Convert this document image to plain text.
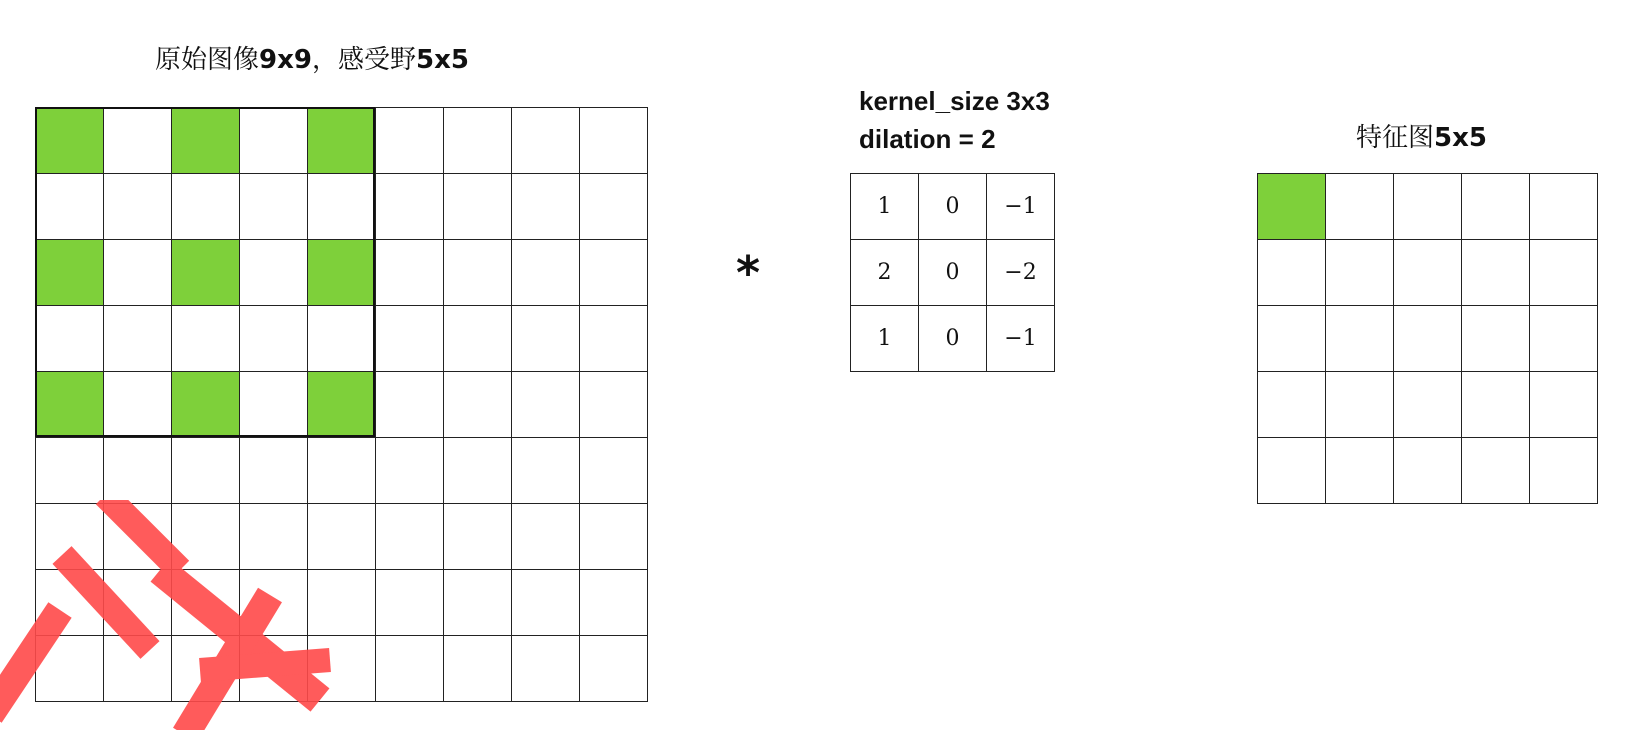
原始图像9x9，感受野5x5
*
kernel_size 3x3
dilation = 2
1	0	−1
2	0	−2
1	0	−1
特征图5x5
